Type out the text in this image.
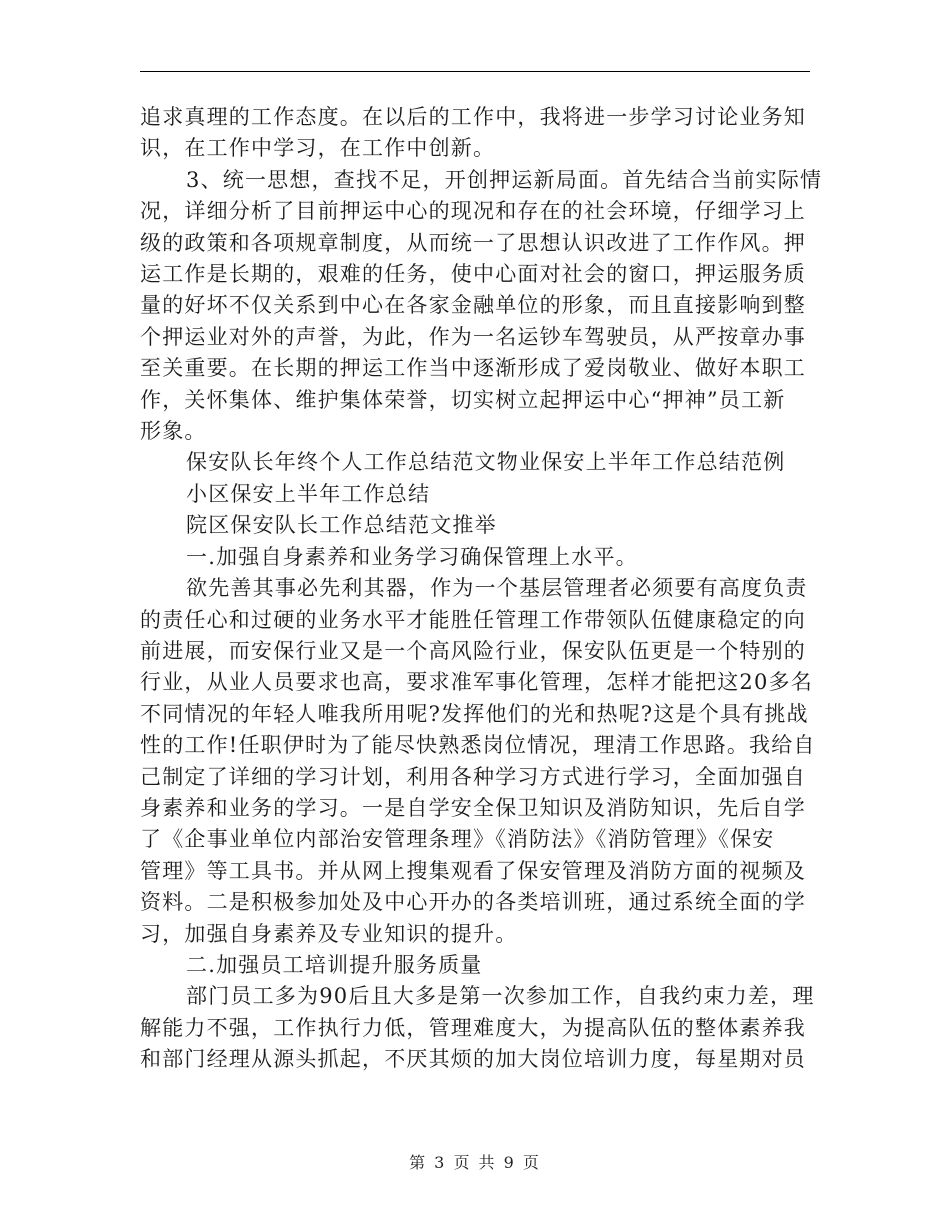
追求真理的工作态度。在以后的工作中，我将进一步学习讨论业务知

识，在工作中学习，在工作中创新。

3、统一思想，查找不足，开创押运新局面。首先结合当前实际情

况，详细分析了目前押运中心的现况和存在的社会环境，仔细学习上

级的政策和各项规章制度，从而统一了思想认识改进了工作作风。押

运工作是长期的，艰难的任务，使中心面对社会的窗口，押运服务质

量的好坏不仅关系到中心在各家金融单位的形象，而且直接影响到整

个押运业对外的声誉，为此，作为一名运钞车驾驶员，从严按章办事

至关重要。在长期的押运工作当中逐渐形成了爱岗敬业、做好本职工

作，关怀集体、维护集体荣誉，切实树立起押运中心“押神”员工新

形象。

保安队长年终个人工作总结范文物业保安上半年工作总结范例

小区保安上半年工作总结

院区保安队长工作总结范文推举

一.加强自身素养和业务学习确保管理上水平。

欲先善其事必先利其器，作为一个基层管理者必须要有高度负责

的责任心和过硬的业务水平才能胜任管理工作带领队伍健康稳定的向

前进展，而安保行业又是一个高风险行业，保安队伍更是一个特别的

行业，从业人员要求也高，要求准军事化管理，怎样才能把这20多名

不同情况的年轻人唯我所用呢?发挥他们的光和热呢?这是个具有挑战

性的工作!任职伊时为了能尽快熟悉岗位情况，理清工作思路。我给自

己制定了详细的学习计划，利用各种学习方式进行学习，全面加强自

身素养和业务的学习。一是自学安全保卫知识及消防知识，先后自学

了《企事业单位内部治安管理条理》《消防法》《消防管理》《保安

管理》等工具书。并从网上搜集观看了保安管理及消防方面的视频及

资料。二是积极参加处及中心开办的各类培训班，通过系统全面的学

习，加强自身素养及专业知识的提升。

二.加强员工培训提升服务质量

部门员工多为90后且大多是第一次参加工作，自我约束力差，理

解能力不强，工作执行力低，管理难度大，为提高队伍的整体素养我

和部门经理从源头抓起，不厌其烦的加大岗位培训力度，每星期对员

第 3 页 共 9 页
